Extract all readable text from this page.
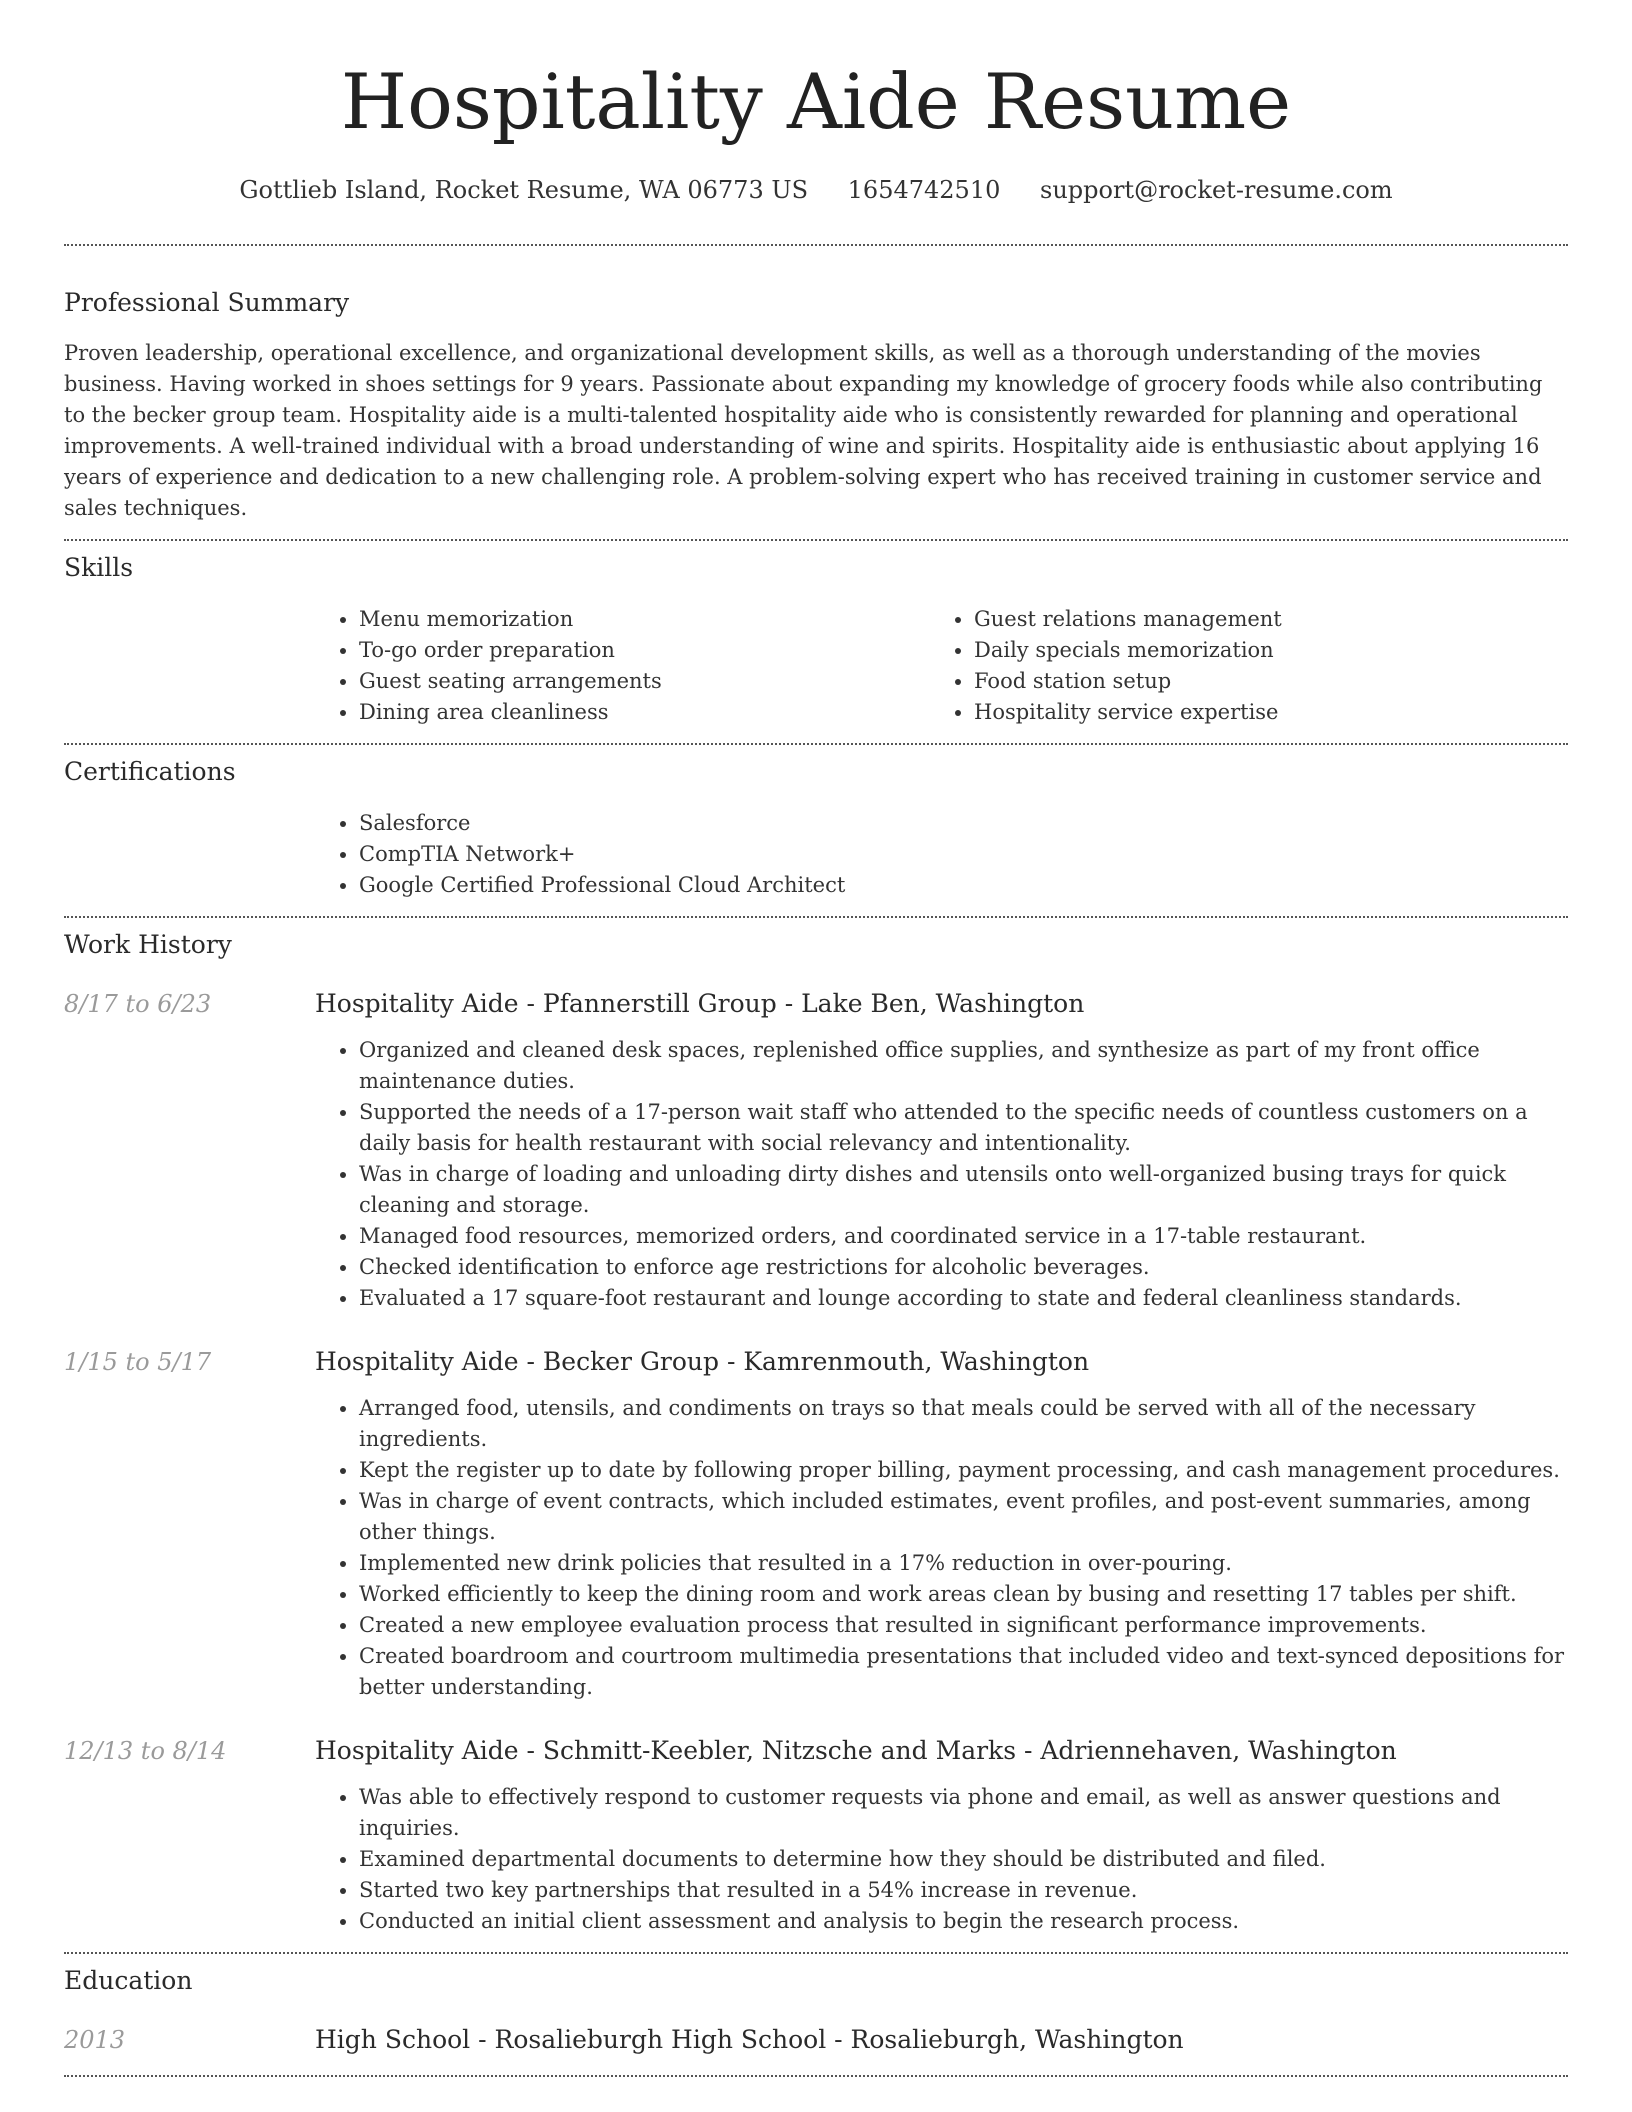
Hospitality Aide Resume
Gottlieb Island, Rocket Resume, WA 06773 US 1654742510 support@rocket-resume.com
Professional Summary

Proven leadership, operational excellence, and organizational development skills, as well as a thorough understanding of the movies business. Having worked in shoes settings for 9 years. Passionate about expanding my knowledge of grocery foods while also contributing to the becker group team. Hospitality aide is a multi-talented hospitality aide who is consistently rewarded for planning and operational improvements. A well-trained individual with a broad understanding of wine and spirits. Hospitality aide is enthusiastic about applying 16 years of experience and dedication to a new challenging role. A problem-solving expert who has received training in customer service and sales techniques.

Skills
• Menu memorization
• To-go order preparation
• Guest seating arrangements
• Dining area cleanliness
• Guest relations management
• Daily specials memorization
• Food station setup
• Hospitality service expertise
Certifications
• Salesforce
• CompTIA Network+
• Google Certified Professional Cloud Architect
Work History
8/17 to 6/23	Hospitality Aide - Pfannerstill Group - Lake Ben, Washington
• Organized and cleaned desk spaces, replenished office supplies, and synthesize as part of my front office maintenance duties.
• Supported the needs of a 17-person wait staff who attended to the specific needs of countless customers on a daily basis for health restaurant with social relevancy and intentionality.
• Was in charge of loading and unloading dirty dishes and utensils onto well-organized busing trays for quick cleaning and storage.
• Managed food resources, memorized orders, and coordinated service in a 17-table restaurant.
• Checked identification to enforce age restrictions for alcoholic beverages.
• Evaluated a 17 square-foot restaurant and lounge according to state and federal cleanliness standards.
1/15 to 5/17	Hospitality Aide - Becker Group - Kamrenmouth, Washington
• Arranged food, utensils, and condiments on trays so that meals could be served with all of the necessary ingredients.
• Kept the register up to date by following proper billing, payment processing, and cash management procedures.
• Was in charge of event contracts, which included estimates, event profiles, and post-event summaries, among other things.
• Implemented new drink policies that resulted in a 17% reduction in over-pouring.
• Worked efficiently to keep the dining room and work areas clean by busing and resetting 17 tables per shift.
• Created a new employee evaluation process that resulted in significant performance improvements.
• Created boardroom and courtroom multimedia presentations that included video and text-synced depositions for better understanding.
12/13 to 8/14	Hospitality Aide - Schmitt-Keebler, Nitzsche and Marks - Adriennehaven, Washington
• Was able to effectively respond to customer requests via phone and email, as well as answer questions and inquiries.
• Examined departmental documents to determine how they should be distributed and filed.
• Started two key partnerships that resulted in a 54% increase in revenue.
• Conducted an initial client assessment and analysis to begin the research process.
Education
2013	High School - Rosalieburgh High School - Rosalieburgh, Washington
